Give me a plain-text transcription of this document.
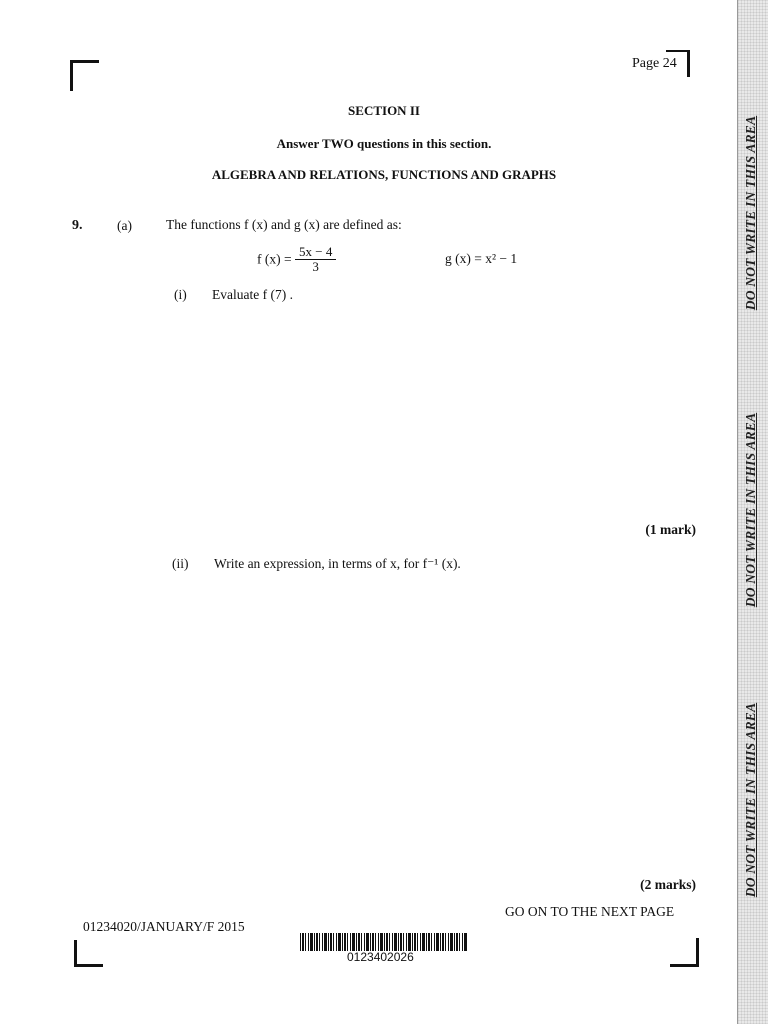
Page 24
SECTION II
Answer TWO questions in this section.
ALGEBRA AND RELATIONS, FUNCTIONS AND GRAPHS
9.	(a)	The functions f (x) and g (x) are defined as:
f $(x) = \frac{5x - 4}{3}$	g (x) = x² − 1
(i) Evaluate f (7) .
(1 mark)
(ii) Write an expression, in terms of x, for f⁻¹ (x).
(2 marks)
GO ON TO THE NEXT PAGE
01234020/JANUARY/F 2015
0123402026
DO NOT WRITE IN THIS AREA
DO NOT WRITE IN THIS AREA
DO NOT WRITE IN THIS AREA
